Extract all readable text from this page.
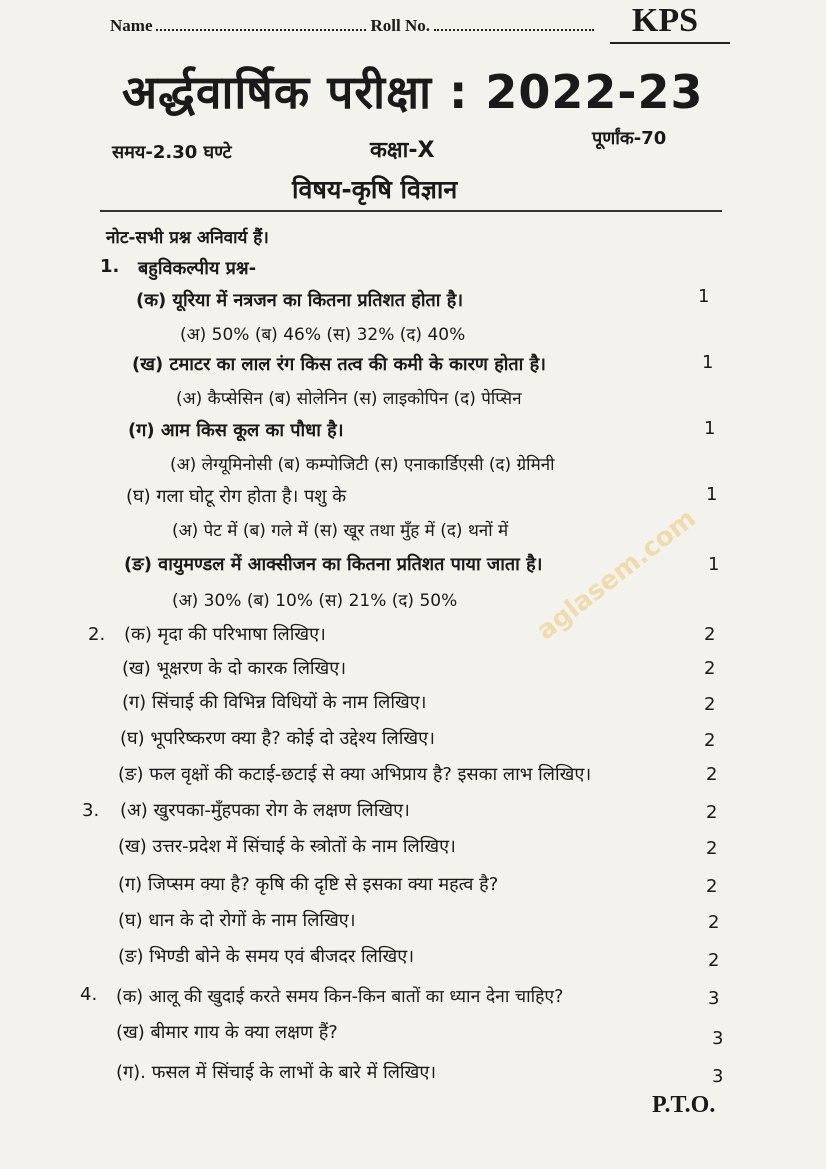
Name	Roll No.	KPS
अर्द्धवार्षिक परीक्षा : 2022-23
समय-2.30 घण्टे	कक्षा-X	पूर्णांक-70
विषय-कृषि विज्ञान
नोट-सभी प्रश्न अनिवार्य हैं।
aglasem.com
1. बहुविकल्पीय प्रश्न-
(क) यूरिया में नत्रजन का कितना प्रतिशत होता है।	1
(अ) 50% (ब) 46% (स) 32% (द) 40%
(ख) टमाटर का लाल रंग किस तत्व की कमी के कारण होता है।	1
(अ) कैप्सेसिन (ब) सोलेनिन (स) लाइकोपिन (द) पेप्सिन
(ग) आम किस कूल का पौधा है।	1
(अ) लेग्यूमिनोसी (ब) कम्पोजिटी (स) एनाकार्डिएसी (द) ग्रेमिनी
(घ) गला घोटू रोग होता है। पशु के	1
(अ) पेट में (ब) गले में (स) खूर तथा मुँह में (द) थनों में
(ङ) वायुमण्डल में आक्सीजन का कितना प्रतिशत पाया जाता है।	1
(अ) 30% (ब) 10% (स) 21% (द) 50%
2. (क) मृदा की परिभाषा लिखिए।	2
(ख) भूक्षरण के दो कारक लिखिए।	2
(ग) सिंचाई की विभिन्न विधियों के नाम लिखिए।	2
(घ) भूपरिष्करण क्या है? कोई दो उद्देश्य लिखिए।	2
(ङ) फल वृक्षों की कटाई-छटाई से क्या अभिप्राय है? इसका लाभ लिखिए।	2
3. (अ) खुरपका-मुँहपका रोग के लक्षण लिखिए।	2
(ख) उत्तर-प्रदेश में सिंचाई के स्त्रोतों के नाम लिखिए।	2
(ग) जिप्सम क्या है? कृषि की दृष्टि से इसका क्या महत्व है?	2
(घ) धान के दो रोगों के नाम लिखिए।	2
(ङ) भिण्डी बोने के समय एवं बीजदर लिखिए।	2
4. (क) आलू की खुदाई करते समय किन-किन बातों का ध्यान देना चाहिए?	3
(ख) बीमार गाय के क्या लक्षण हैं?	3
(ग). फसल में सिंचाई के लाभों के बारे में लिखिए।	3
P.T.O.
